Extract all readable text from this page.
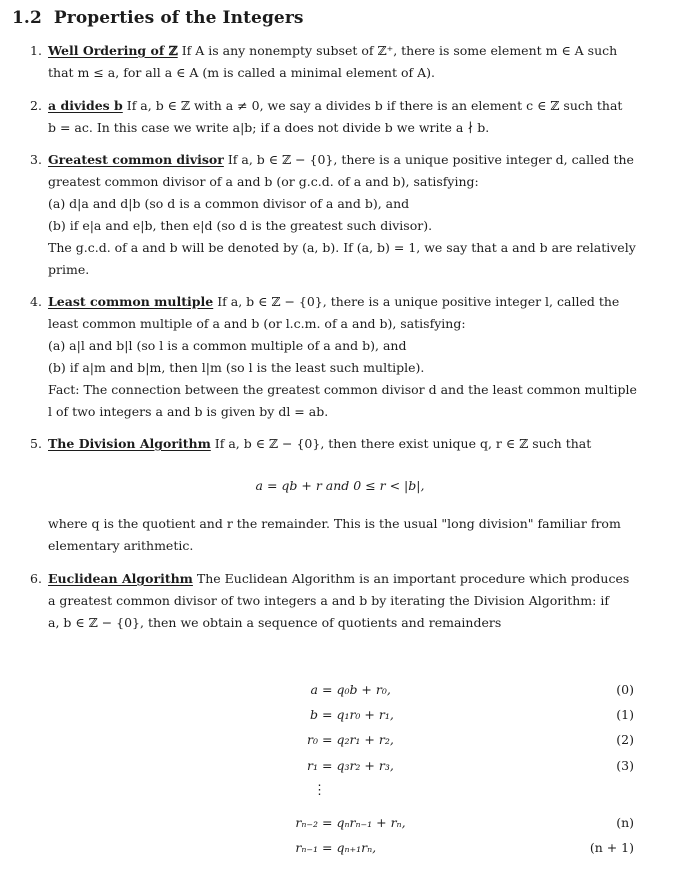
1.2 Properties of the Integers
1. Well Ordering of ℤ If A is any nonempty subset of ℤ⁺, there is some element m ∈ A such
that m ≤ a, for all a ∈ A (m is called a minimal element of A).
2. a divides b If a, b ∈ ℤ with a ≠ 0, we say a divides b if there is an element c ∈ ℤ such that
b = ac. In this case we write a|b; if a does not divide b we write a ∤ b.
3. Greatest common divisor If a, b ∈ ℤ − {0}, there is a unique positive integer d, called the
greatest common divisor of a and b (or g.c.d. of a and b), satisfying:
(a) d|a and d|b (so d is a common divisor of a and b), and
(b) if e|a and e|b, then e|d (so d is the greatest such divisor).
The g.c.d. of a and b will be denoted by (a, b). If (a, b) = 1, we say that a and b are relatively
prime.
4. Least common multiple If a, b ∈ ℤ − {0}, there is a unique positive integer l, called the
least common multiple of a and b (or l.c.m. of a and b), satisfying:
(a) a|l and b|l (so l is a common multiple of a and b), and
(b) if a|m and b|m, then l|m (so l is the least such multiple).
Fact: The connection between the greatest common divisor d and the least common multiple
l of two integers a and b is given by dl = ab.
5. The Division Algorithm If a, b ∈ ℤ − {0}, then there exist unique q, r ∈ ℤ such that
a = qb + r and 0 ≤ r < |b|,
where q is the quotient and r the remainder. This is the usual "long division" familiar from
elementary arithmetic.
6. Euclidean Algorithm The Euclidean Algorithm is an important procedure which produces
a greatest common divisor of two integers a and b by iterating the Division Algorithm: if
a, b ∈ ℤ − {0}, then we obtain a sequence of quotients and remainders
a = q₀b + r₀,	(0)
b = q₁r₀ + r₁,	(1)
r₀ = q₂r₁ + r₂,	(2)
r₁ = q₃r₂ + r₃,	(3)
⋮
rₙ₋₂ = qₙrₙ₋₁ + rₙ,	(n)
rₙ₋₁ = qₙ₊₁rₙ,	(n + 1)
